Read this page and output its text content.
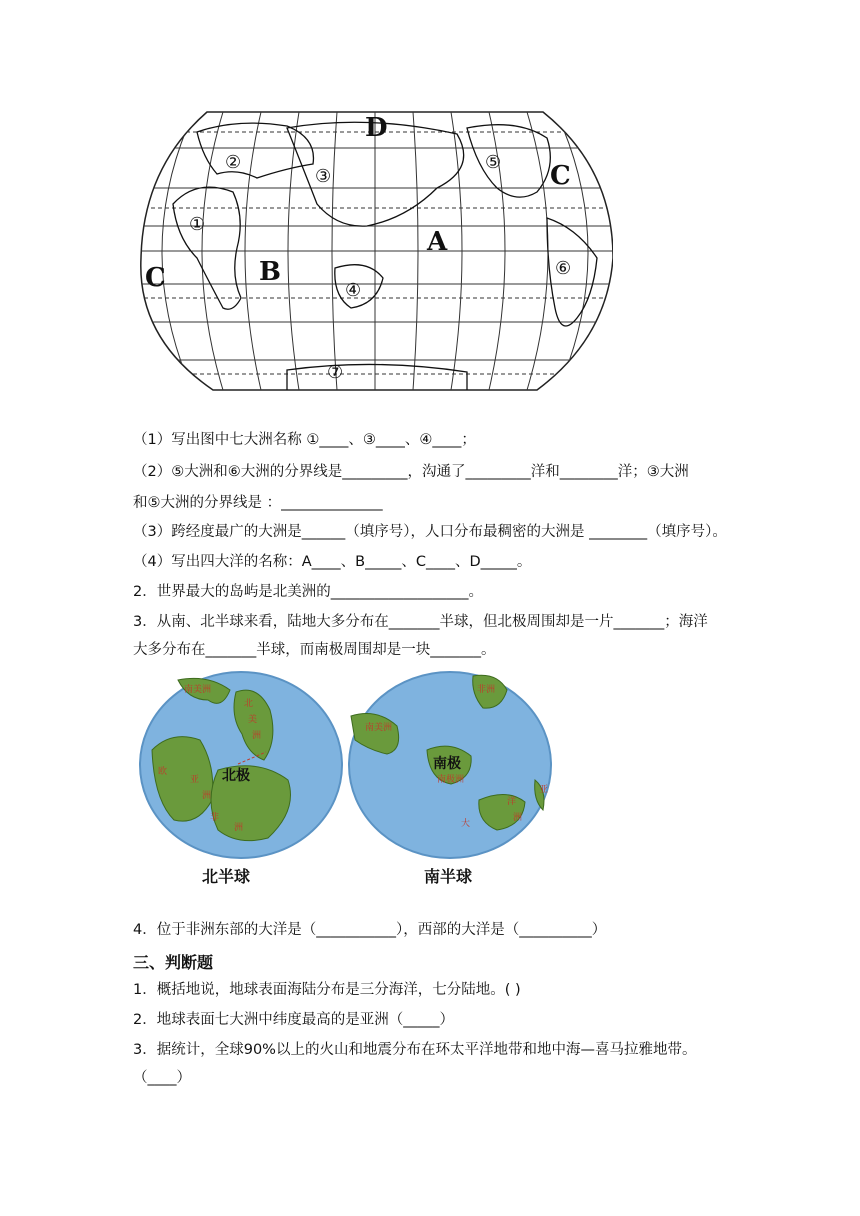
D
C
A
C	B
①
②
③
④
⑤
⑥
⑦
（1）写出图中七大洲名称 ①____、③____、④____；
（2）⑤大洲和⑥大洲的分界线是_________，沟通了_________洋和________洋；③大洲
和⑤大洲的分界线是 ：______________
（3）跨经度最广的大洲是______（填序号），人口分布最稠密的大洲是 ________（填序号）。
（4）写出四大洋的名称：A____、B_____、C____、D_____。
2．世界最大的岛屿是北美洲的___________________。
3．从南、北半球来看，陆地大多分布在_______半球，但北极周围却是一片_______；海洋
大多分布在_______半球，而南极周围却是一块_______。
南美洲
北
美
洲
欧
亚
洲
非
洲
北极
北半球
南美洲
非洲
南极洲
大
洋
洲
亚
南极
南半球
4．位于非洲东部的大洋是（___________），西部的大洋是（__________）
三、判断题
1．概括地说，地球表面海陆分布是三分海洋，七分陆地。( )
2．地球表面七大洲中纬度最高的是亚洲（_____）
3．据统计，全球90%以上的火山和地震分布在环太平洋地带和地中海—喜马拉雅地带。
（____）
